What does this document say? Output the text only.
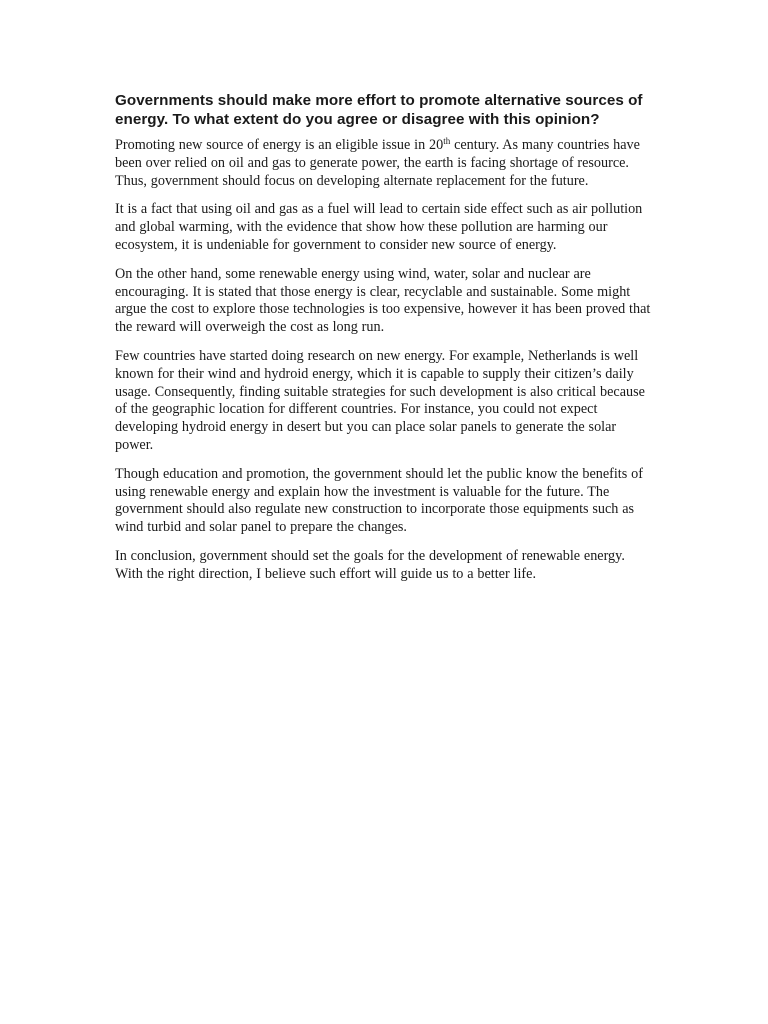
Governments should make more effort to promote alternative sources of energy. To what extent do you agree or disagree with this opinion?

Promoting new source of energy is an eligible issue in 20th century. As many countries have been over relied on oil and gas to generate power, the earth is facing shortage of resource. Thus, government should focus on developing alternate replacement for the future.

It is a fact that using oil and gas as a fuel will lead to certain side effect such as air pollution and global warming, with the evidence that show how these pollution are harming our ecosystem, it is undeniable for government to consider new source of energy.

On the other hand, some renewable energy using wind, water, solar and nuclear are encouraging. It is stated that those energy is clear, recyclable and sustainable. Some might argue the cost to explore those technologies is too expensive, however it has been proved that the reward will overweigh the cost as long run.

Few countries have started doing research on new energy. For example, Netherlands is well known for their wind and hydroid energy, which it is capable to supply their citizen’s daily usage. Consequently, finding suitable strategies for such development is also critical because of the geographic location for different countries. For instance, you could not expect developing hydroid energy in desert but you can place solar panels to generate the solar power.

Though education and promotion, the government should let the public know the benefits of using renewable energy and explain how the investment is valuable for the future. The government should also regulate new construction to incorporate those equipments such as wind turbid and solar panel to prepare the changes.

In conclusion, government should set the goals for the development of renewable energy. With the right direction, I believe such effort will guide us to a better life.
